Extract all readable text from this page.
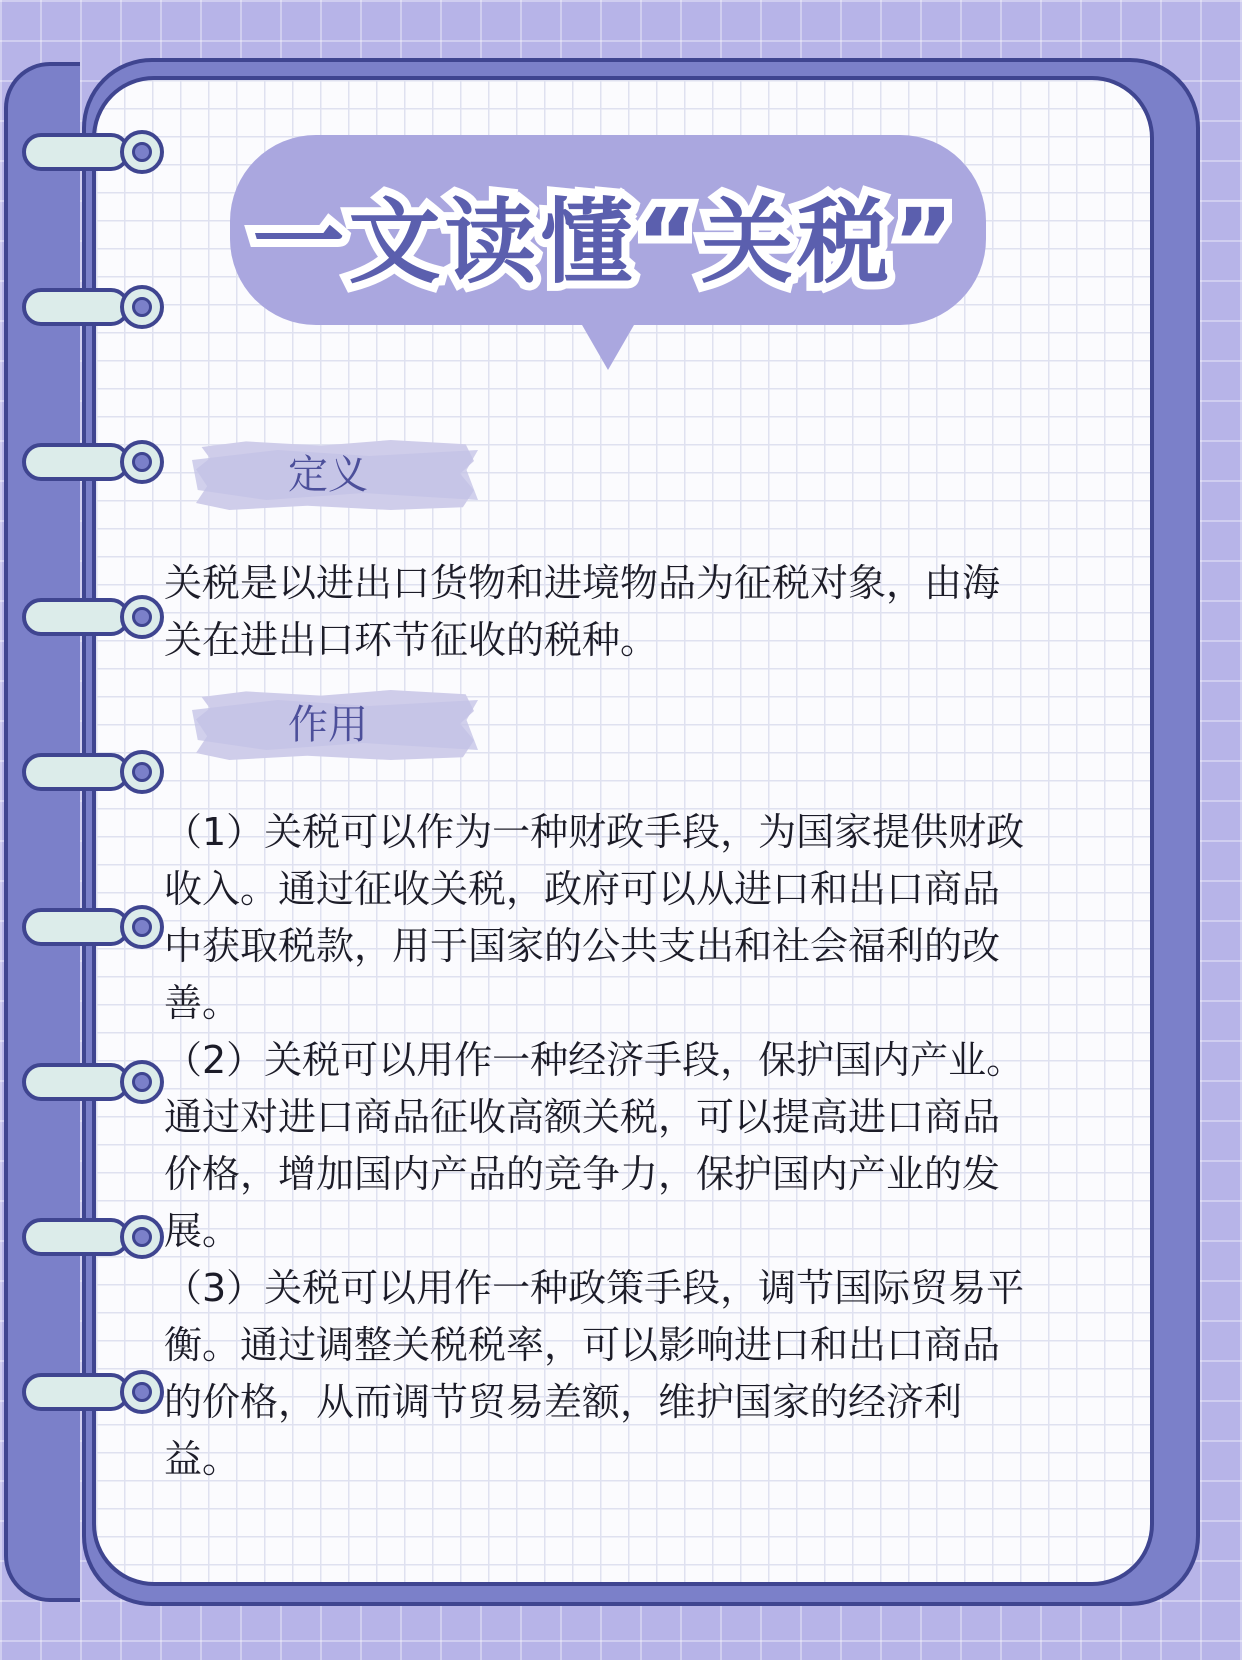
一文读懂“关税”
定义

关税是以进出口货物和进境物品为征税对象，由海关在进出口环节征收的税种。

作用

（1）关税可以作为一种财政手段，为国家提供财政收入。通过征收关税，政府可以从进口和出口商品中获取税款，用于国家的公共支出和社会福利的改善。

（2）关税可以用作一种经济手段，保护国内产业。通过对进口商品征收高额关税，可以提高进口商品价格，增加国内产品的竞争力，保护国内产业的发展。

（3）关税可以用作一种政策手段，调节国际贸易平衡。通过调整关税税率，可以影响进口和出口商品的价格，从而调节贸易差额，维护国家的经济利益。
